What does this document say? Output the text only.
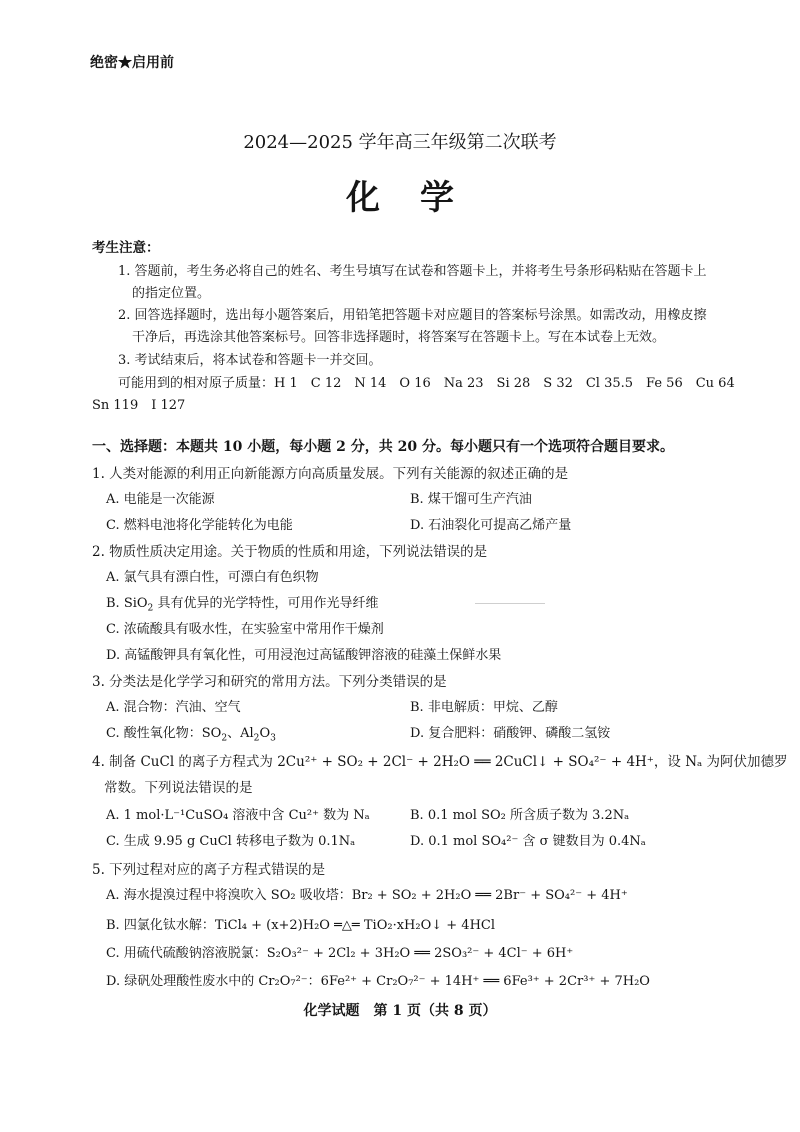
绝密★启用前
2024—2025 学年高三年级第二次联考
化学
考生注意：
1. 答题前，考生务必将自己的姓名、考生号填写在试卷和答题卡上，并将考生号条形码粘贴在答题卡上
的指定位置。
2. 回答选择题时，选出每小题答案后，用铅笔把答题卡对应题目的答案标号涂黑。如需改动，用橡皮擦
干净后，再选涂其他答案标号。回答非选择题时，将答案写在答题卡上。写在本试卷上无效。
3. 考试结束后，将本试卷和答题卡一并交回。
可能用到的相对原子质量：H 1　C 12　N 14　O 16　Na 23　Si 28　S 32　Cl 35.5　Fe 56　Cu 64
Sn 119　I 127
一、选择题：本题共 10 小题，每小题 2 分，共 20 分。每小题只有一个选项符合题目要求。
1. 人类对能源的利用正向新能源方向高质量发展。下列有关能源的叙述正确的是
A. 电能是一次能源	B. 煤干馏可生产汽油
C. 燃料电池将化学能转化为电能	D. 石油裂化可提高乙烯产量
2. 物质性质决定用途。关于物质的性质和用途，下列说法错误的是
A. 氯气具有漂白性，可漂白有色织物
B. SiO$_2$ 具有优异的光学特性，可用作光导纤维
C. 浓硫酸具有吸水性，在实验室中常用作干燥剂
D. 高锰酸钾具有氧化性，可用浸泡过高锰酸钾溶液的硅藻土保鲜水果
3. 分类法是化学学习和研究的常用方法。下列分类错误的是
A. 混合物：汽油、空气	B. 非电解质：甲烷、乙醇
C. 酸性氧化物：$SO_2$、$Al_2O_3$	D. 复合肥料：硝酸钾、磷酸二氢铵
4. 制备 CuCl 的离子方程式为 2Cu²⁺ + SO₂ + 2Cl⁻ + 2H₂O ══ 2CuCl↓ + SO₄²⁻ + 4H⁺，设 Nₐ 为阿伏加德罗
常数。下列说法错误的是
A. 1 mol·L⁻¹CuSO₄ 溶液中含 Cu²⁺ 数为 Nₐ	B. 0.1 mol SO₂ 所含质子数为 3.2Nₐ
C. 生成 9.95 g CuCl 转移电子数为 0.1Nₐ	D. 0.1 mol SO₄²⁻ 含 σ 键数目为 0.4Nₐ
5. 下列过程对应的离子方程式错误的是
A. 海水提溴过程中将溴吹入 SO₂ 吸收塔：Br₂ + SO₂ + 2H₂O ══ 2Br⁻ + SO₄²⁻ + 4H⁺
B. 四氯化钛水解：TiCl₄ + (x+2)H₂O ═△═ TiO₂·xH₂O↓ + 4HCl
C. 用硫代硫酸钠溶液脱氯：S₂O₃²⁻ + 2Cl₂ + 3H₂O ══ 2SO₃²⁻ + 4Cl⁻ + 6H⁺
D. 绿矾处理酸性废水中的 Cr₂O₇²⁻：6Fe²⁺ + Cr₂O₇²⁻ + 14H⁺ ══ 6Fe³⁺ + 2Cr³⁺ + 7H₂O
化学试题　第 1 页（共 8 页）
